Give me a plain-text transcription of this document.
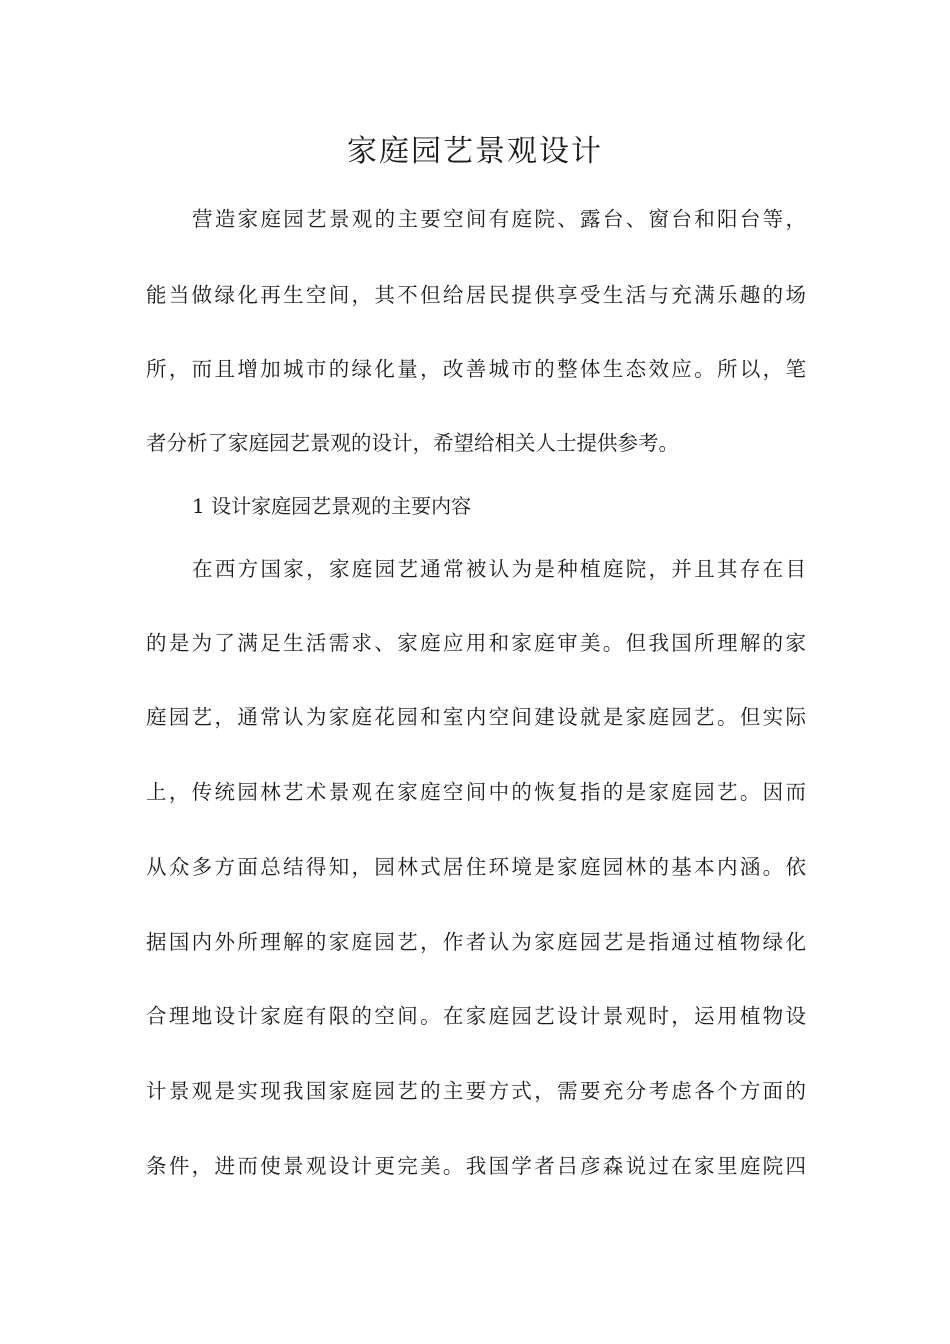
家庭园艺景观设计
营造家庭园艺景观的主要空间有庭院、露台、窗台和阳台等，
能当做绿化再生空间，其不但给居民提供享受生活与充满乐趣的场
所，而且增加城市的绿化量，改善城市的整体生态效应。所以，笔
者分析了家庭园艺景观的设计，希望给相关人士提供参考。
1 设计家庭园艺景观的主要内容
在西方国家，家庭园艺通常被认为是种植庭院，并且其存在目
的是为了满足生活需求、家庭应用和家庭审美。但我国所理解的家
庭园艺，通常认为家庭花园和室内空间建设就是家庭园艺。但实际
上，传统园林艺术景观在家庭空间中的恢复指的是家庭园艺。因而
从众多方面总结得知，园林式居住环境是家庭园林的基本内涵。依
据国内外所理解的家庭园艺，作者认为家庭园艺是指通过植物绿化
合理地设计家庭有限的空间。在家庭园艺设计景观时，运用植物设
计景观是实现我国家庭园艺的主要方式，需要充分考虑各个方面的
条件，进而使景观设计更完美。我国学者吕彦森说过在家里庭院四
